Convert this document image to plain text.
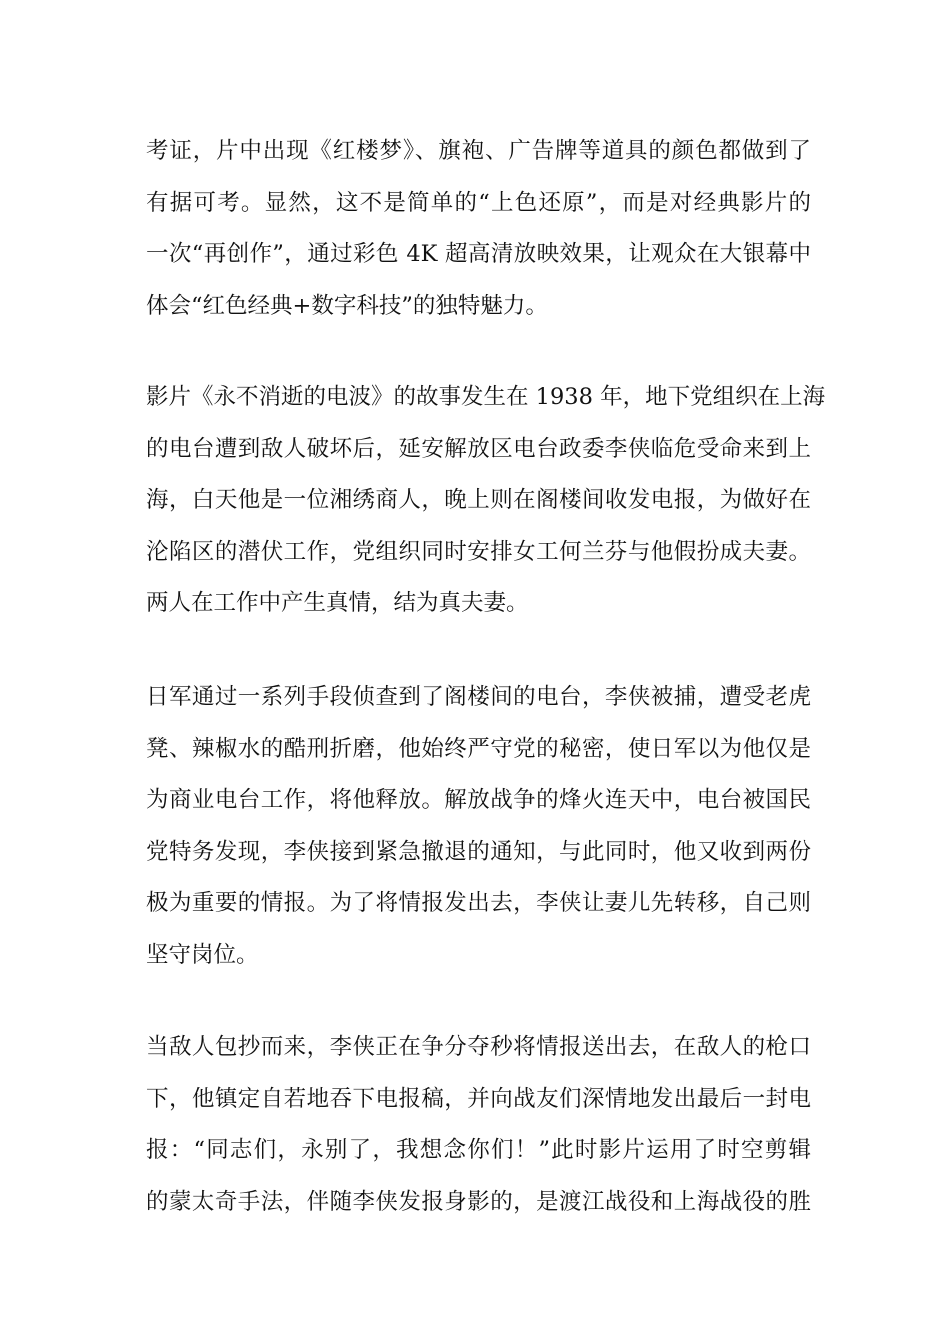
考证，片中出现《红楼梦》、旗袍、广告牌等道具的颜色都做到了
有据可考。显然，这不是简单的“上色还原”，而是对经典影片的
一次“再创作”，通过彩色 4K 超高清放映效果，让观众在大银幕中
体会“红色经典+数字科技”的独特魅力。
影片《永不消逝的电波》的故事发生在 1938 年，地下党组织在上海
的电台遭到敌人破坏后，延安解放区电台政委李侠临危受命来到上
海，白天他是一位湘绣商人，晚上则在阁楼间收发电报，为做好在
沦陷区的潜伏工作，党组织同时安排女工何兰芬与他假扮成夫妻。
两人在工作中产生真情，结为真夫妻。
日军通过一系列手段侦查到了阁楼间的电台，李侠被捕，遭受老虎
凳、辣椒水的酷刑折磨，他始终严守党的秘密，使日军以为他仅是
为商业电台工作，将他释放。解放战争的烽火连天中，电台被国民
党特务发现，李侠接到紧急撤退的通知，与此同时，他又收到两份
极为重要的情报。为了将情报发出去，李侠让妻儿先转移，自己则
坚守岗位。
当敌人包抄而来，李侠正在争分夺秒将情报送出去，在敌人的枪口
下，他镇定自若地吞下电报稿，并向战友们深情地发出最后一封电
报：“同志们，永别了，我想念你们！”此时影片运用了时空剪辑
的蒙太奇手法，伴随李侠发报身影的，是渡江战役和上海战役的胜
